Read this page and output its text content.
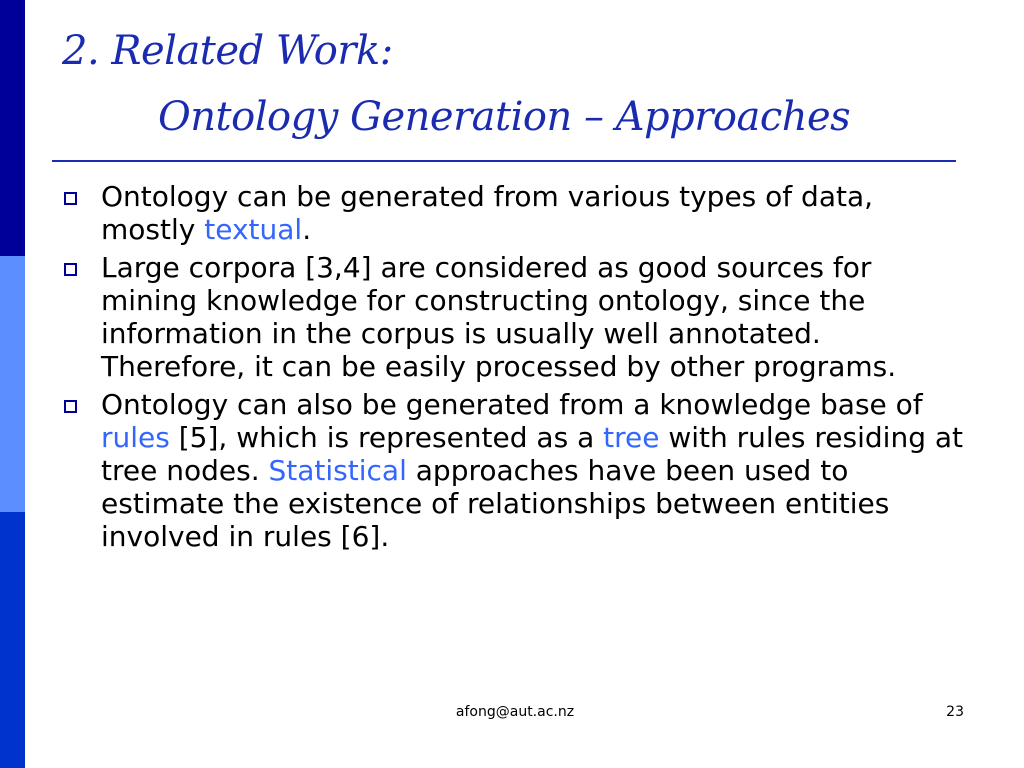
2. Related Work:
Ontology Generation – Approaches
Ontology can be generated from various types of data, mostly textual.
Large corpora [3,4] are considered as good sources for mining knowledge for constructing ontology, since the information in the corpus is usually well annotated. Therefore, it can be easily processed by other programs.
Ontology can also be generated from a knowledge base of rules [5], which is represented as a tree with rules residing at tree nodes. Statistical approaches have been used to estimate the existence of relationships between entities involved in rules [6].
afong@aut.ac.nz	23
